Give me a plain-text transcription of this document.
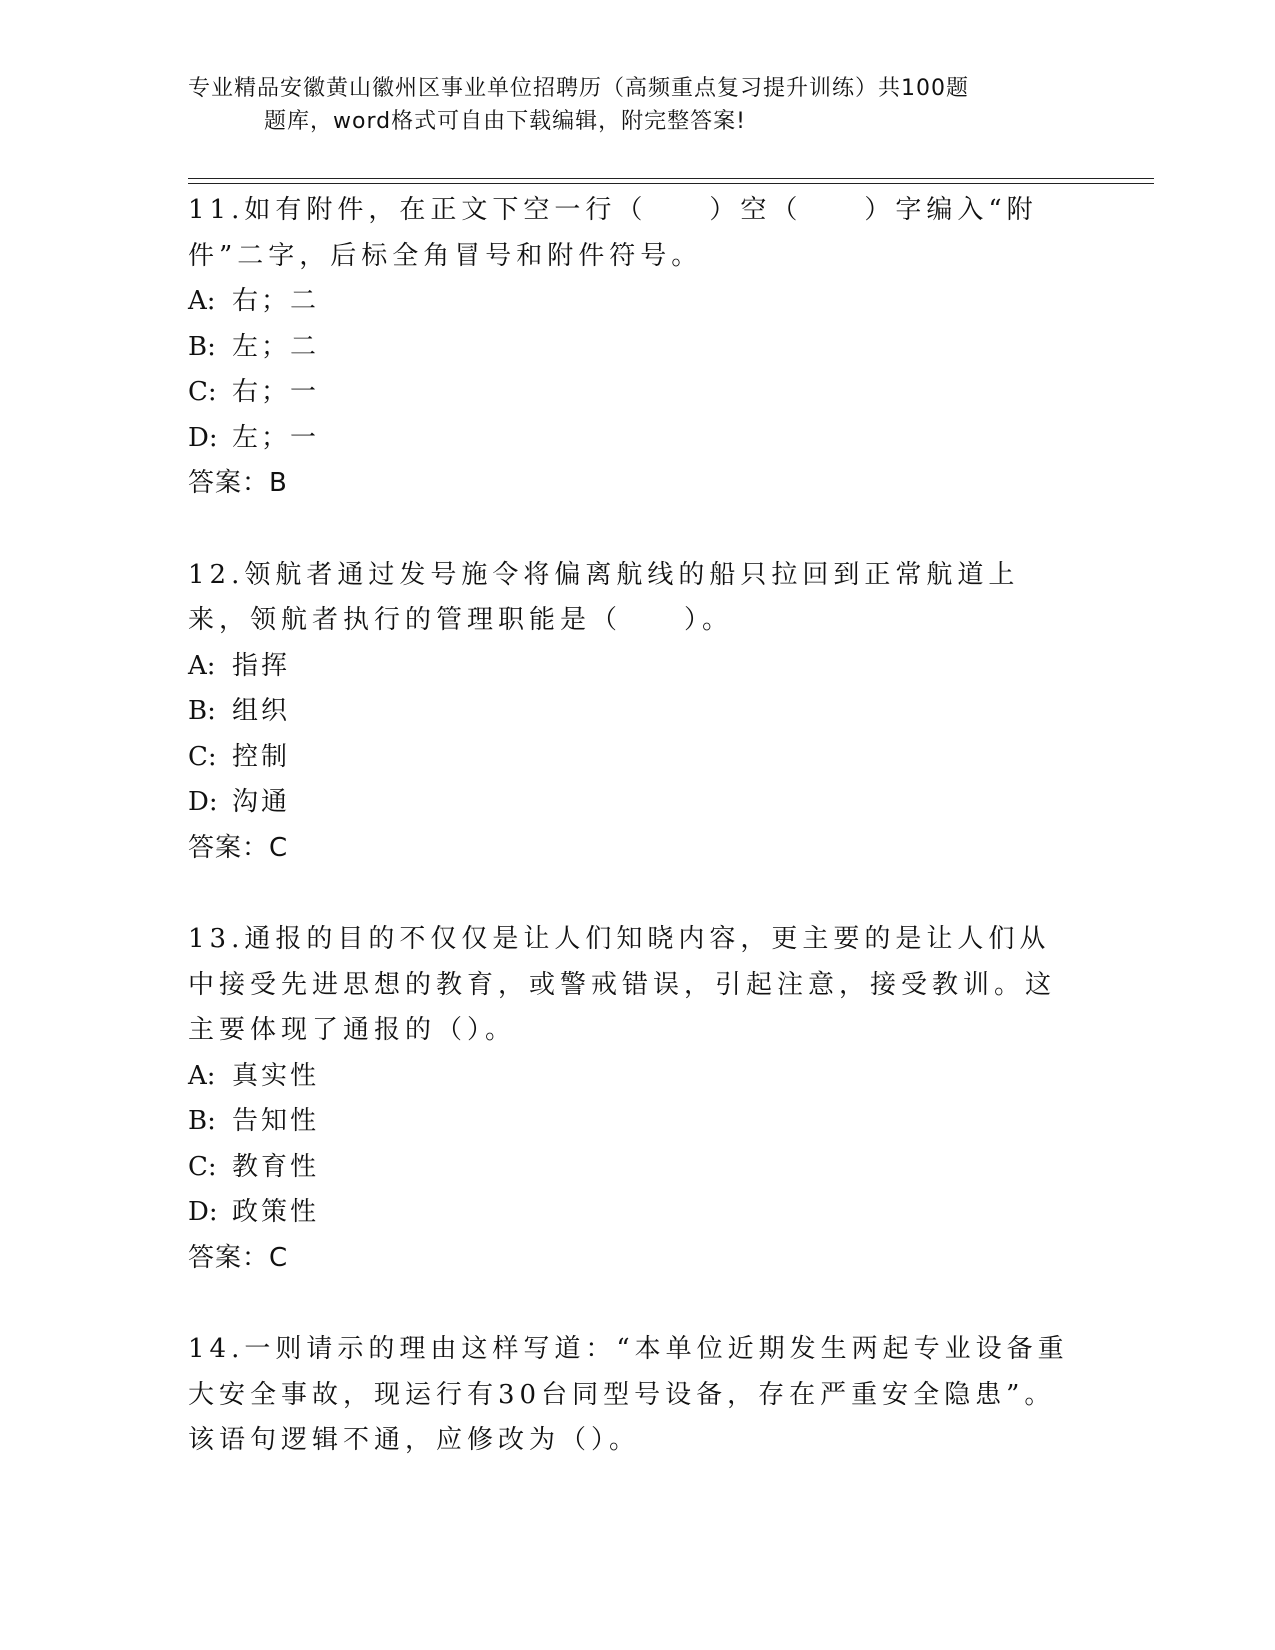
专业精品安徽黄山徽州区事业单位招聘历（高频重点复习提升训练）共100题
题库，word格式可自由下载编辑，附完整答案!
11.如有附件，在正文下空一行（　　）空（　　）字编入“附件”二字，后标全角冒号和附件符号。
A: 右；二
B: 左；二
C: 右；一
D: 左；一
答案：B
12.领航者通过发号施令将偏离航线的船只拉回到正常航道上来，领航者执行的管理职能是（　　）。
A: 指挥
B: 组织
C: 控制
D: 沟通
答案：C
13.通报的目的不仅仅是让人们知晓内容，更主要的是让人们从中接受先进思想的教育，或警戒错误，引起注意，接受教训。这主要体现了通报的（）。
A: 真实性
B: 告知性
C: 教育性
D: 政策性
答案：C
14.一则请示的理由这样写道：“本单位近期发生两起专业设备重大安全事故，现运行有30台同型号设备，存在严重安全隐患”。该语句逻辑不通，应修改为（）。
